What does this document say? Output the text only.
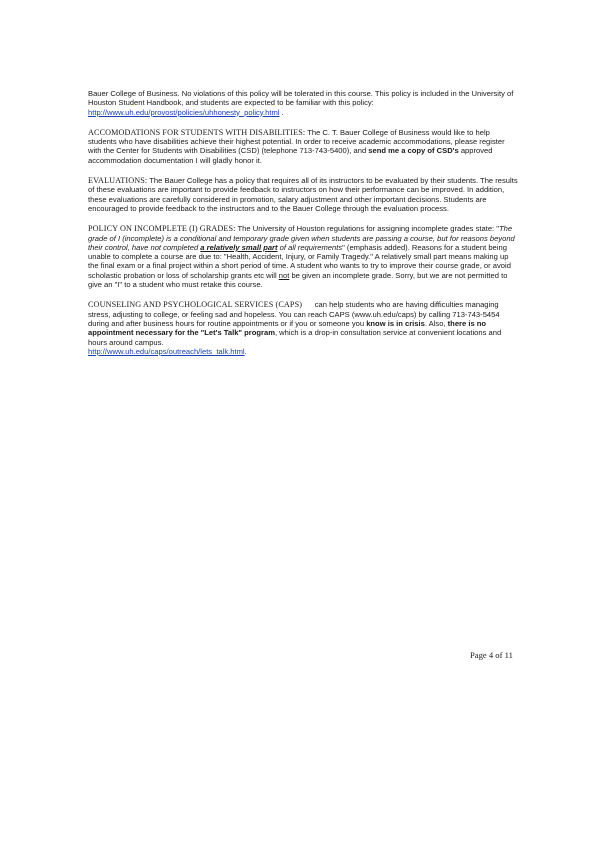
Bauer College of Business. No violations of this policy will be tolerated in this course. This policy is included in the University of Houston Student Handbook, and students are expected to be familiar with this policy: http://www.uh.edu/provost/policies/uhhonesty_policy.html .

ACCOMODATIONS FOR STUDENTS WITH DISABILITIES: The C. T. Bauer College of Business would like to help students who have disabilities achieve their highest potential. In order to receive academic accommodations, please register with the Center for Students with Disabilities (CSD) (telephone 713-743-5400), and send me a copy of CSD's approved accommodation documentation I will gladly honor it.

EVALUATIONS: The Bauer College has a policy that requires all of its instructors to be evaluated by their students. The results of these evaluations are important to provide feedback to instructors on how their performance can be improved. In addition, these evaluations are carefully considered in promotion, salary adjustment and other important decisions. Students are encouraged to provide feedback to the instructors and to the Bauer College through the evaluation process.

POLICY ON INCOMPLETE (I) GRADES: The University of Houston regulations for assigning incomplete grades state: "The grade of I (incomplete) is a conditional and temporary grade given when students are passing a course, but for reasons beyond their control, have not completed a relatively small part of all requirements" (emphasis added). Reasons for a student being unable to complete a course are due to: "Health, Accident, Injury, or Family Tragedy." A relatively small part means making up the final exam or a final project within a short period of time. A student who wants to try to improve their course grade, or avoid scholastic probation or loss of scholarship grants etc will not be given an incomplete grade. Sorry, but we are not permitted to give an "I" to a student who must retake this course.

COUNSELING AND PSYCHOLOGICAL SERVICES (CAPS) can help students who are having difficulties managing stress, adjusting to college, or feeling sad and hopeless. You can reach CAPS (www.uh.edu/caps) by calling 713-743-5454 during and after business hours for routine appointments or if you or someone you know is in crisis. Also, there is no appointment necessary for the "Let's Talk" program, which is a drop-in consultation service at convenient locations and hours around campus.
http://www.uh.edu/caps/outreach/lets_talk.html.

Page 4 of 11
